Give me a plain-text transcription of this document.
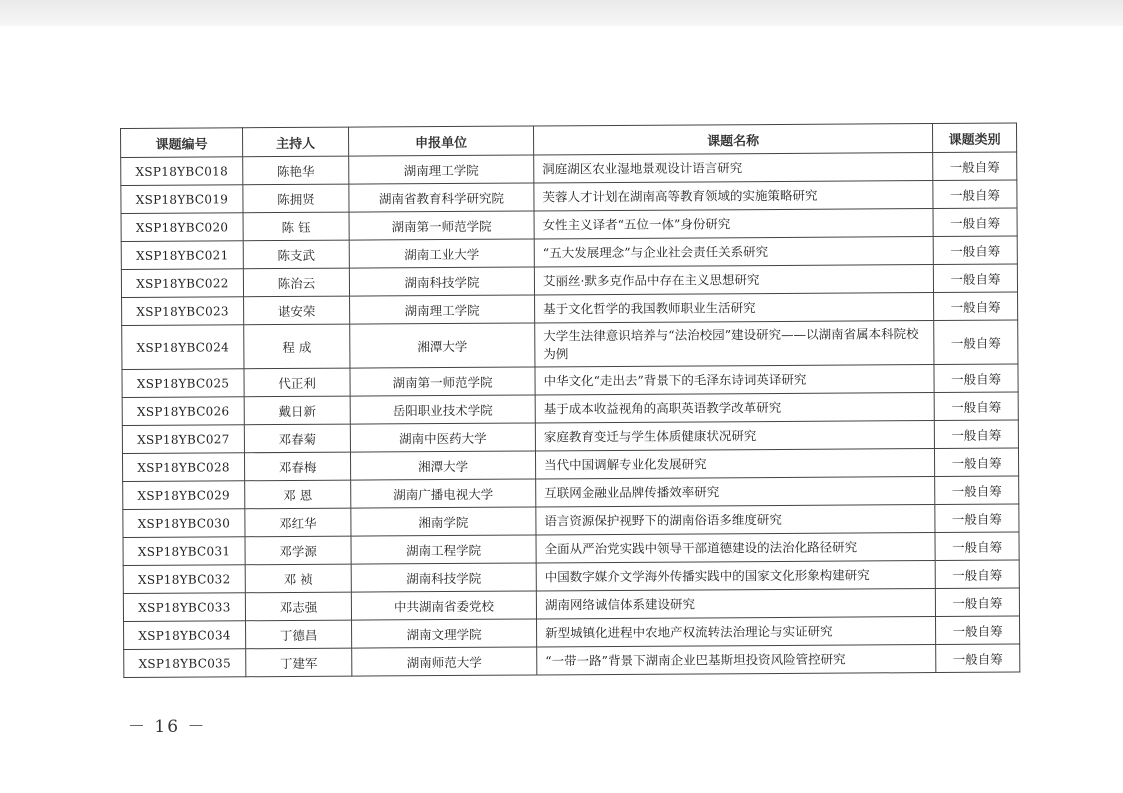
课题编号	主持人	申报单位	课题名称	课题类别
XSP18YBC018	陈艳华	湖南理工学院	洞庭湖区农业湿地景观设计语言研究	一般自筹
XSP18YBC019	陈拥贤	湖南省教育科学研究院	芙蓉人才计划在湖南高等教育领域的实施策略研究	一般自筹
XSP18YBC020	陈 钰	湖南第一师范学院	女性主义译者“五位一体”身份研究	一般自筹
XSP18YBC021	陈支武	湖南工业大学	“五大发展理念”与企业社会责任关系研究	一般自筹
XSP18YBC022	陈治云	湖南科技学院	艾丽丝·默多克作品中存在主义思想研究	一般自筹
XSP18YBC023	谌安荣	湖南理工学院	基于文化哲学的我国教师职业生活研究	一般自筹
XSP18YBC024	程 成	湘潭大学	大学生法律意识培养与“法治校园”建设研究——以湖南省属本科院校为例	一般自筹
XSP18YBC025	代正利	湖南第一师范学院	中华文化“走出去”背景下的毛泽东诗词英译研究	一般自筹
XSP18YBC026	戴日新	岳阳职业技术学院	基于成本收益视角的高职英语教学改革研究	一般自筹
XSP18YBC027	邓春菊	湖南中医药大学	家庭教育变迁与学生体质健康状况研究	一般自筹
XSP18YBC028	邓春梅	湘潭大学	当代中国调解专业化发展研究	一般自筹
XSP18YBC029	邓 恩	湖南广播电视大学	互联网金融业品牌传播效率研究	一般自筹
XSP18YBC030	邓红华	湘南学院	语言资源保护视野下的湖南俗语多维度研究	一般自筹
XSP18YBC031	邓学源	湖南工程学院	全面从严治党实践中领导干部道德建设的法治化路径研究	一般自筹
XSP18YBC032	邓 祯	湖南科技学院	中国数字媒介文学海外传播实践中的国家文化形象构建研究	一般自筹
XSP18YBC033	邓志强	中共湖南省委党校	湖南网络诚信体系建设研究	一般自筹
XSP18YBC034	丁德昌	湖南文理学院	新型城镇化进程中农地产权流转法治理论与实证研究	一般自筹
XSP18YBC035	丁建军	湖南师范大学	“一带一路”背景下湖南企业巴基斯坦投资风险管控研究	一般自筹
－ 16 －
